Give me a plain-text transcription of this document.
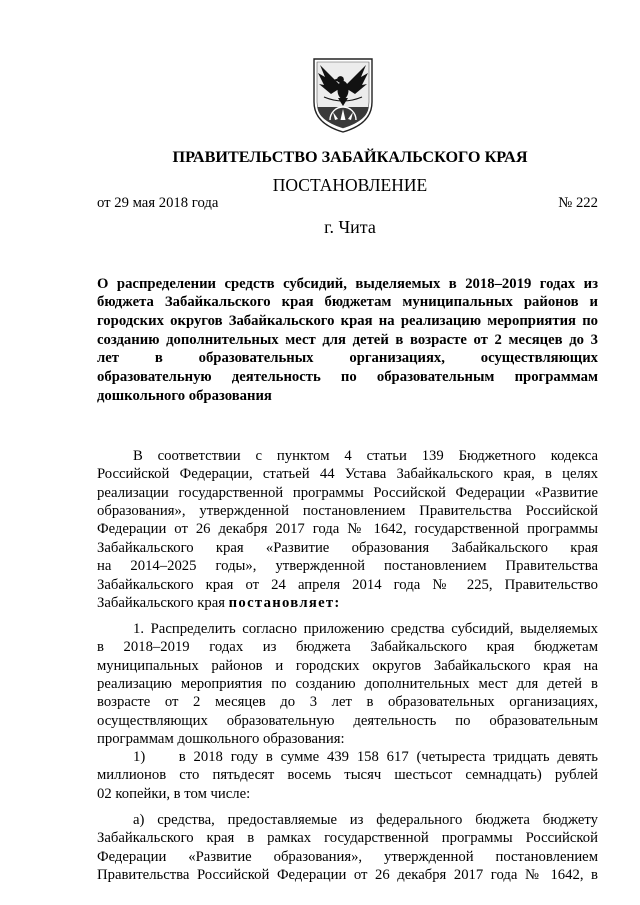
ПРАВИТЕЛЬСТВО ЗАБАЙКАЛЬСКОГО КРАЯ
ПОСТАНОВЛЕНИЕ
от 29 мая 2018 года	№ 222
г. Чита
О распределении средств субсидий, выделяемых в 2018–2019 годах из
бюджета Забайкальского края бюджетам муниципальных районов и
городских округов Забайкальского края на реализацию мероприятия по
созданию дополнительных мест для детей в возрасте от 2 месяцев до 3
лет в образовательных организациях, осуществляющих
образовательную деятельность по образовательным программам
дошкольного образования
В соответствии с пунктом 4 статьи 139 Бюджетного кодекса
Российской Федерации, статьей 44 Устава Забайкальского края, в целях
реализации государственной программы Российской Федерации «Развитие
образования», утвержденной постановлением Правительства Российской
Федерации от 26 декабря 2017 года № 1642, государственной программы
Забайкальского края «Развитие образования Забайкальского края
на 2014–2025 годы», утвержденной постановлением Правительства
Забайкальского края от 24 апреля 2014 года № 225, Правительство
Забайкальского края постановляет:
1. Распределить согласно приложению средства субсидий, выделяемых
в 2018–2019 годах из бюджета Забайкальского края бюджетам
муниципальных районов и городских округов Забайкальского края на
реализацию мероприятия по созданию дополнительных мест для детей в
возрасте от 2 месяцев до 3 лет в образовательных организациях,
осуществляющих образовательную деятельность по образовательным
программам дошкольного образования:
1) в 2018 году в сумме 439 158 617 (четыреста тридцать девять
миллионов сто пятьдесят восемь тысяч шестьсот семнадцать) рублей
02 копейки, в том числе:
а) средства, предоставляемые из федерального бюджета бюджету
Забайкальского края в рамках государственной программы Российской
Федерации «Развитие образования», утвержденной постановлением
Правительства Российской Федерации от 26 декабря 2017 года № 1642, в
